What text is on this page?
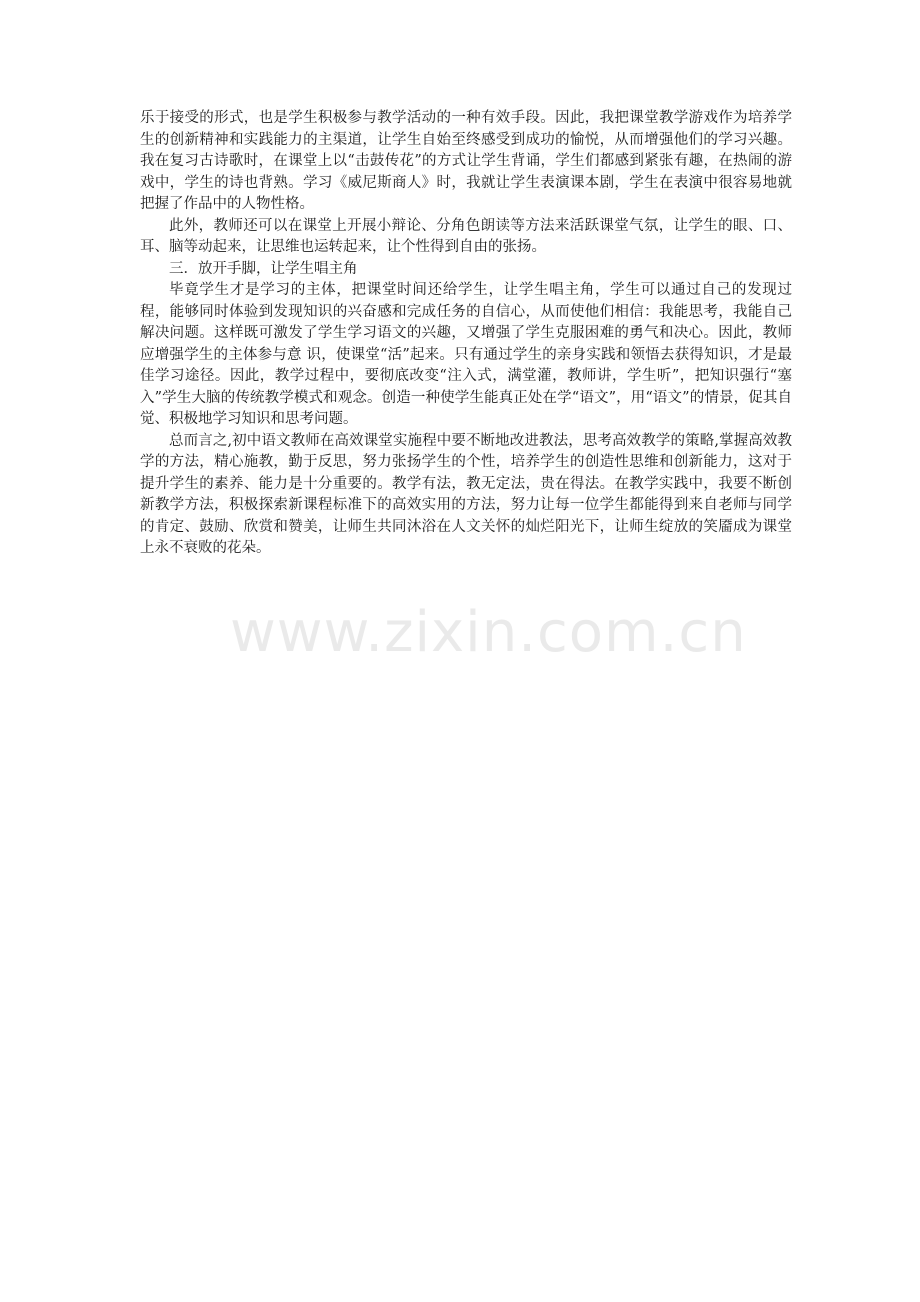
乐于接受的形式，也是学生积极参与教学活动的一种有效手段。因此，我把课堂教学游戏作为培养学生的创新精神和实践能力的主渠道，让学生自始至终感受到成功的愉悦，从而增强他们的学习兴趣。我在复习古诗歌时，在课堂上以“击鼓传花”的方式让学生背诵，学生们都感到紧张有趣，在热闹的游戏中，学生的诗也背熟。学习《威尼斯商人》时，我就让学生表演课本剧，学生在表演中很容易地就把握了作品中的人物性格。

此外，教师还可以在课堂上开展小辩论、分角色朗读等方法来活跃课堂气氛，让学生的眼、口、耳、脑等动起来，让思维也运转起来，让个性得到自由的张扬。

三．放开手脚，让学生唱主角

毕竟学生才是学习的主体，把课堂时间还给学生，让学生唱主角，学生可以通过自己的发现过程，能够同时体验到发现知识的兴奋感和完成任务的自信心，从而使他们相信：我能思考，我能自己解决问题。这样既可激发了学生学习语文的兴趣，又增强了学生克服困难的勇气和决心。因此，教师应增强学生的主体参与意 识，使课堂“活”起来。只有通过学生的亲身实践和领悟去获得知识，才是最佳学习途径。因此，教学过程中，要彻底改变“注入式，满堂灌，教师讲，学生听”，把知识强行“塞入”学生大脑的传统教学模式和观念。创造一种使学生能真正处在学“语文”，用“语文”的情景，促其自觉、积极地学习知识和思考问题。

总而言之,初中语文教师在高效课堂实施程中要不断地改进教法，思考高效教学的策略,掌握高效教学的方法，精心施教，勤于反思，努力张扬学生的个性，培养学生的创造性思维和创新能力，这对于提升学生的素养、能力是十分重要的。教学有法，教无定法，贵在得法。在教学实践中，我要不断创新教学方法，积极探索新课程标准下的高效实用的方法，努力让每一位学生都能得到来自老师与同学的肯定、鼓励、欣赏和赞美，让师生共同沐浴在人文关怀的灿烂阳光下，让师生绽放的笑靥成为课堂上永不衰败的花朵。

www.zixin.com.cn
